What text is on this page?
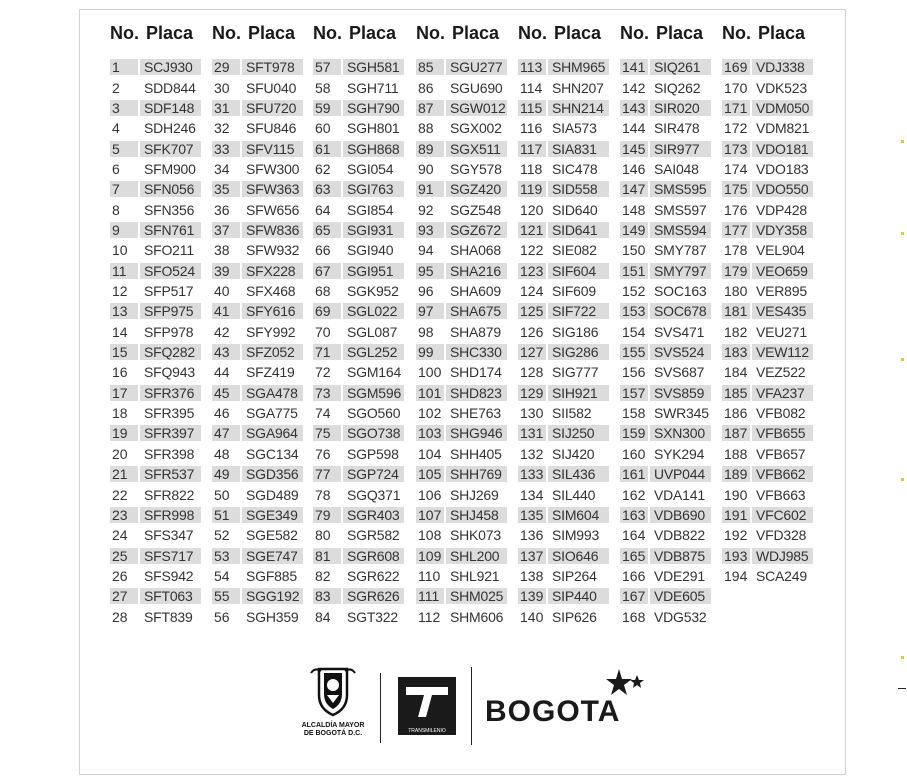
No. Placa
1 SCJ930
2 SDD844
3 SDF148
4 SDH246
5 SFK707
6 SFM900
7 SFN056
8 SFN356
9 SFN761
10 SFO211
11 SFO524
12 SFP517
13 SFP975
14 SFP978
15 SFQ282
16 SFQ943
17 SFR376
18 SFR395
19 SFR397
20 SFR398
21 SFR537
22 SFR822
23 SFR998
24 SFS347
25 SFS717
26 SFS942
27 SFT063
28 SFT839
No. Placa
29 SFT978
30 SFU040
31 SFU720
32 SFU846
33 SFV115
34 SFW300
35 SFW363
36 SFW656
37 SFW836
38 SFW932
39 SFX228
40 SFX468
41 SFY616
42 SFY992
43 SFZ052
44 SFZ419
45 SGA478
46 SGA775
47 SGA964
48 SGC134
49 SGD356
50 SGD489
51 SGE349
52 SGE582
53 SGE747
54 SGF885
55 SGG192
56 SGH359
No. Placa
57 SGH581
58 SGH711
59 SGH790
60 SGH801
61 SGH868
62 SGI054
63 SGI763
64 SGI854
65 SGI931
66 SGI940
67 SGI951
68 SGK952
69 SGL022
70 SGL087
71 SGL252
72 SGM164
73 SGM596
74 SGO560
75 SGO738
76 SGP598
77 SGP724
78 SGQ371
79 SGR403
80 SGR582
81 SGR608
82 SGR622
83 SGR626
84 SGT322
No. Placa
85 SGU277
86 SGU690
87 SGW012
88 SGX002
89 SGX511
90 SGY578
91 SGZ420
92 SGZ548
93 SGZ672
94 SHA068
95 SHA216
96 SHA609
97 SHA675
98 SHA879
99 SHC330
100 SHD174
101 SHD823
102 SHE763
103 SHG946
104 SHH405
105 SHH769
106 SHJ269
107 SHJ458
108 SHK073
109 SHL200
110 SHL921
111 SHM025
112 SHM606
No. Placa
113 SHM965
114 SHN207
115 SHN214
116 SIA573
117 SIA831
118 SIC478
119 SID558
120 SID640
121 SID641
122 SIE082
123 SIF604
124 SIF609
125 SIF722
126 SIG186
127 SIG286
128 SIG777
129 SIH921
130 SII582
131 SIJ250
132 SIJ420
133 SIL436
134 SIL440
135 SIM604
136 SIM993
137 SIO646
138 SIP264
139 SIP440
140 SIP626
No. Placa
141 SIQ261
142 SIQ262
143 SIR020
144 SIR478
145 SIR977
146 SAI048
147 SMS595
148 SMS597
149 SMS594
150 SMY787
151 SMY797
152 SOC163
153 SOC678
154 SVS471
155 SVS524
156 SVS687
157 SVS859
158 SWR345
159 SXN300
160 SYK294
161 UVP044
162 VDA141
163 VDB690
164 VDB822
165 VDB875
166 VDE291
167 VDE605
168 VDG532
No. Placa
169 VDJ338
170 VDK523
171 VDM050
172 VDM821
173 VDO181
174 VDO183
175 VDO550
176 VDP428
177 VDY358
178 VEL904
179 VEO659
180 VER895
181 VES435
182 VEU271
183 VEW112
184 VEZ522
185 VFA237
186 VFB082
187 VFB655
188 VFB657
189 VFB662
190 VFB663
191 VFC602
192 VFD328
193 WDJ985
194 SCA249
ALCALDÍA MAYOR
DE BOGOTÁ D.C.	TRANSMILENIO
BOGOTA
